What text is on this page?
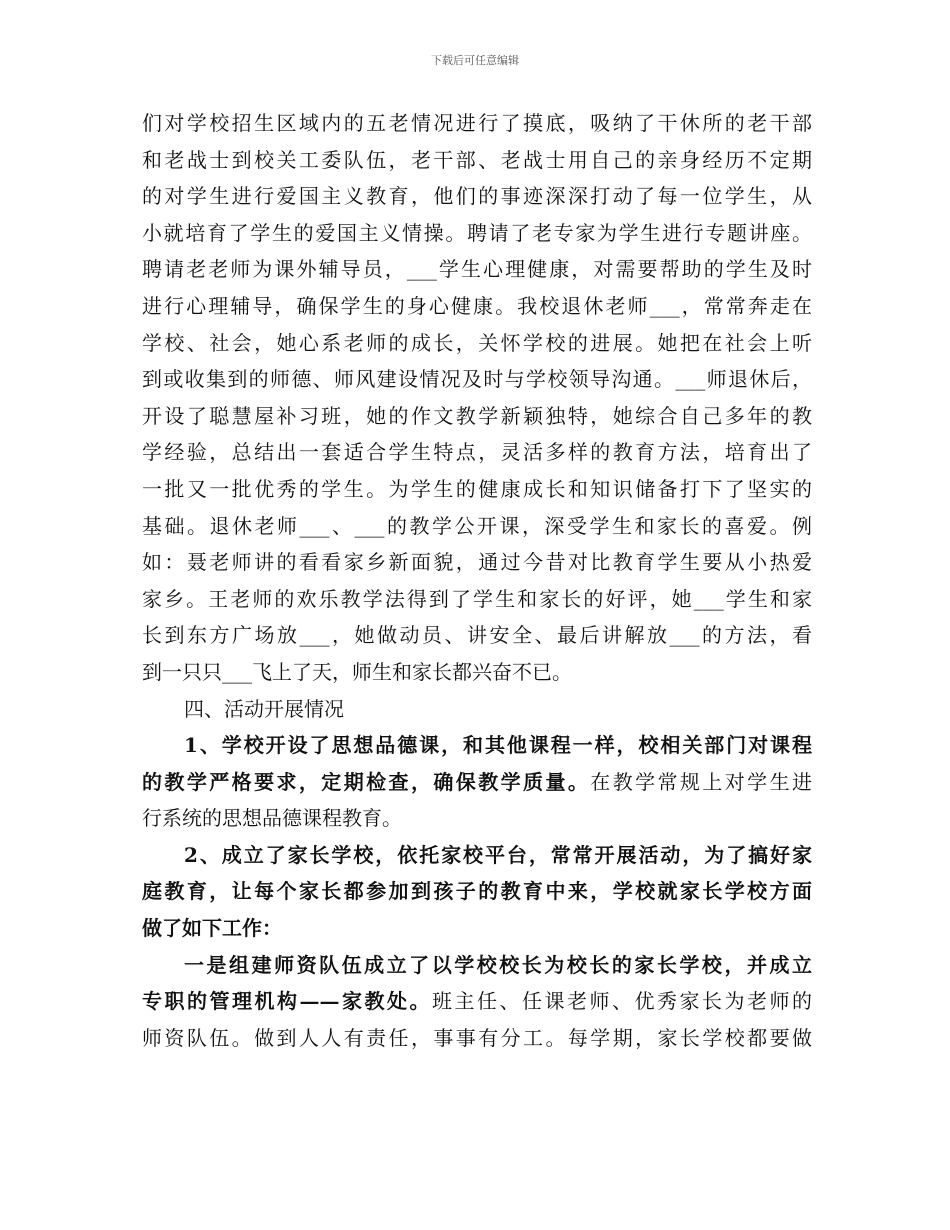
下载后可任意编辑
们对学校招生区域内的五老情况进行了摸底，吸纳了干休所的老干部
和老战士到校关工委队伍，老干部、老战士用自己的亲身经历不定期
的对学生进行爱国主义教育，他们的事迹深深打动了每一位学生，从
小就培育了学生的爱国主义情操。聘请了老专家为学生进行专题讲座。
聘请老老师为课外辅导员，___学生心理健康，对需要帮助的学生及时
进行心理辅导，确保学生的身心健康。我校退休老师___，常常奔走在
学校、社会，她心系老师的成长，关怀学校的进展。她把在社会上听
到或收集到的师德、师风建设情况及时与学校领导沟通。___师退休后，
开设了聪慧屋补习班，她的作文教学新颖独特，她综合自己多年的教
学经验，总结出一套适合学生特点，灵活多样的教育方法，培育出了
一批又一批优秀的学生。为学生的健康成长和知识储备打下了坚实的
基础。退休老师___、___的教学公开课，深受学生和家长的喜爱。例
如：聂老师讲的看看家乡新面貌，通过今昔对比教育学生要从小热爱
家乡。王老师的欢乐教学法得到了学生和家长的好评，她___学生和家
长到东方广场放___，她做动员、讲安全、最后讲解放___的方法，看
到一只只___飞上了天，师生和家长都兴奋不已。
四、活动开展情况
1、学校开设了思想品德课，和其他课程一样，校相关部门对课程
的教学严格要求，定期检查，确保教学质量。在教学常规上对学生进
行系统的思想品德课程教育。
2、成立了家长学校，依托家校平台，常常开展活动，为了搞好家
庭教育，让每个家长都参加到孩子的教育中来，学校就家长学校方面
做了如下工作：
一是组建师资队伍成立了以学校校长为校长的家长学校，并成立
专职的管理机构——家教处。班主任、任课老师、优秀家长为老师的
师资队伍。做到人人有责任，事事有分工。每学期，家长学校都要做
